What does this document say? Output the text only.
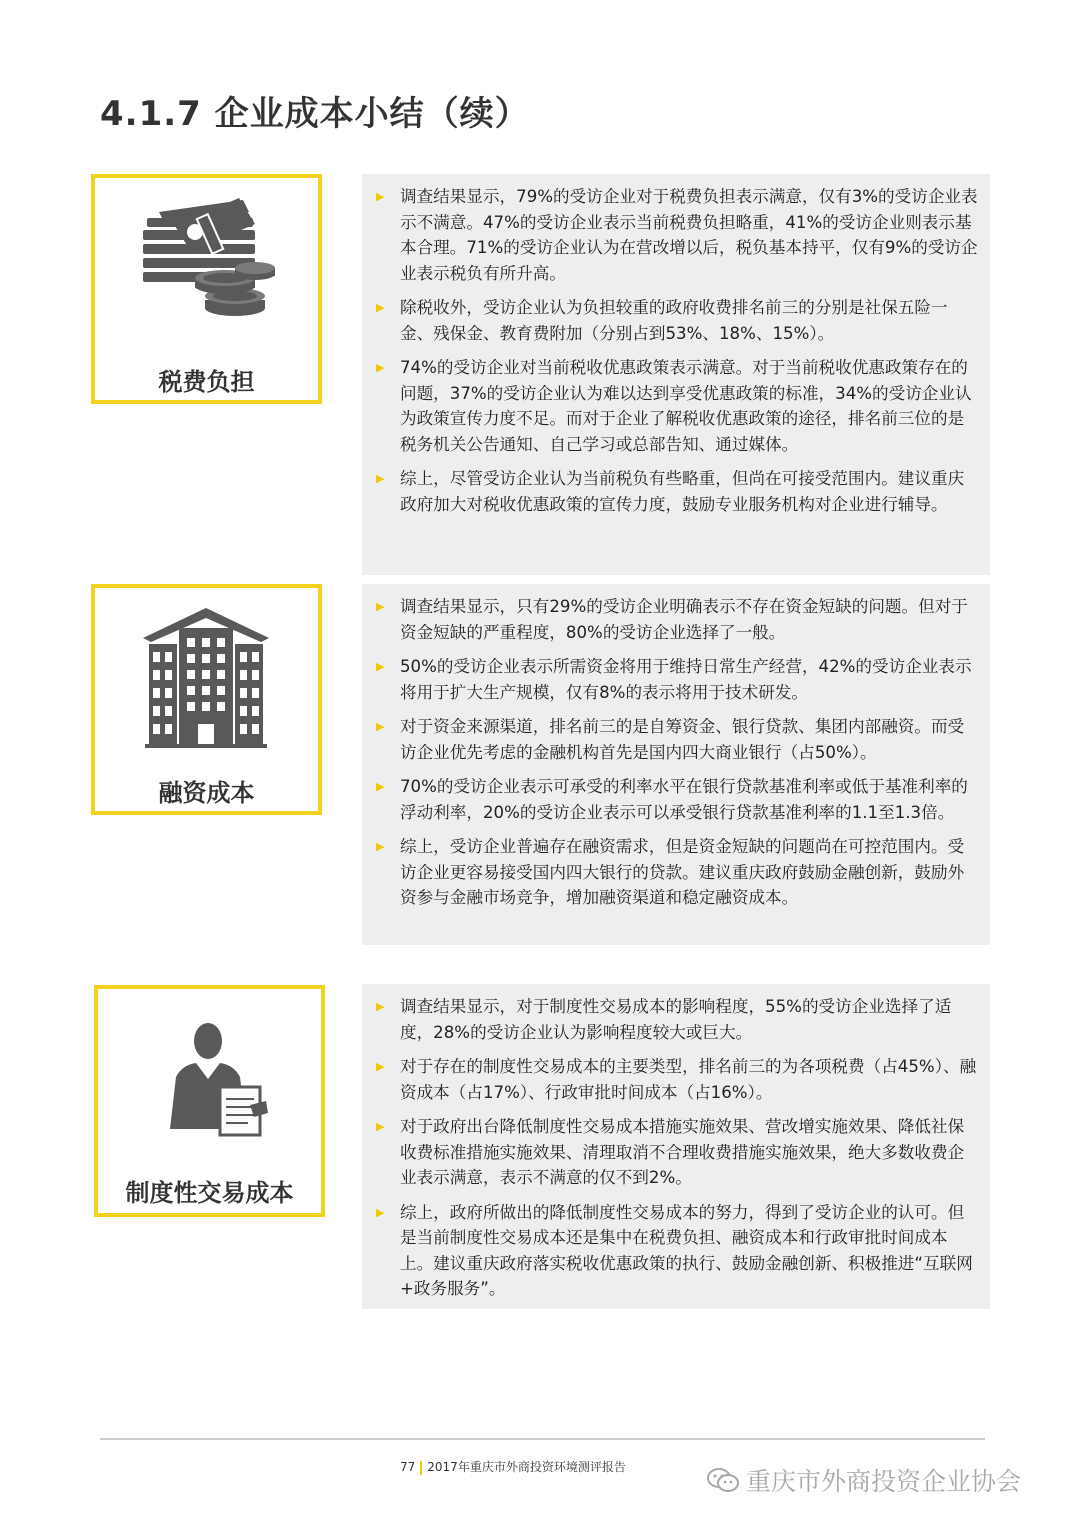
4.1.7 企业成本小结（续）
税费负担
▶ 调查结果显示，79%的受访企业对于税费负担表示满意，仅有3%的受访企业表示不满意。47%的受访企业表示当前税费负担略重，41%的受访企业则表示基本合理。71%的受访企业认为在营改增以后，税负基本持平，仅有9%的受访企业表示税负有所升高。
▶ 除税收外，受访企业认为负担较重的政府收费排名前三的分别是社保五险一金、残保金、教育费附加（分别占到53%、18%、15%）。
▶ 74%的受访企业对当前税收优惠政策表示满意。对于当前税收优惠政策存在的问题，37%的受访企业认为难以达到享受优惠政策的标准，34%的受访企业认为政策宣传力度不足。而对于企业了解税收优惠政策的途径，排名前三位的是税务机关公告通知、自己学习或总部告知、通过媒体。
▶ 综上，尽管受访企业认为当前税负有些略重，但尚在可接受范围内。建议重庆政府加大对税收优惠政策的宣传力度，鼓励专业服务机构对企业进行辅导。
融资成本
▶ 调查结果显示，只有29%的受访企业明确表示不存在资金短缺的问题。但对于资金短缺的严重程度，80%的受访企业选择了一般。
▶ 50%的受访企业表示所需资金将用于维持日常生产经营，42%的受访企业表示将用于扩大生产规模，仅有8%的表示将用于技术研发。
▶ 对于资金来源渠道，排名前三的是自筹资金、银行贷款、集团内部融资。而受访企业优先考虑的金融机构首先是国内四大商业银行（占50%）。
▶ 70%的受访企业表示可承受的利率水平在银行贷款基准利率或低于基准利率的浮动利率，20%的受访企业表示可以承受银行贷款基准利率的1.1至1.3倍。
▶ 综上，受访企业普遍存在融资需求，但是资金短缺的问题尚在可控范围内。受访企业更容易接受国内四大银行的贷款。建议重庆政府鼓励金融创新，鼓励外资参与金融市场竞争，增加融资渠道和稳定融资成本。
制度性交易成本
▶ 调查结果显示，对于制度性交易成本的影响程度，55%的受访企业选择了适度，28%的受访企业认为影响程度较大或巨大。
▶ 对于存在的制度性交易成本的主要类型，排名前三的为各项税费（占45%）、融资成本（占17%）、行政审批时间成本（占16%）。
▶ 对于政府出台降低制度性交易成本措施实施效果、营改增实施效果、降低社保收费标准措施实施效果、清理取消不合理收费措施实施效果，绝大多数收费企业表示满意，表示不满意的仅不到2%。
▶ 综上，政府所做出的降低制度性交易成本的努力，得到了受访企业的认可。但是当前制度性交易成本还是集中在税费负担、融资成本和行政审批时间成本上。建议重庆政府落实税收优惠政策的执行、鼓励金融创新、积极推进“互联网+政务服务”。
77 2017年重庆市外商投资环境测评报告	重庆市外商投资企业协会
